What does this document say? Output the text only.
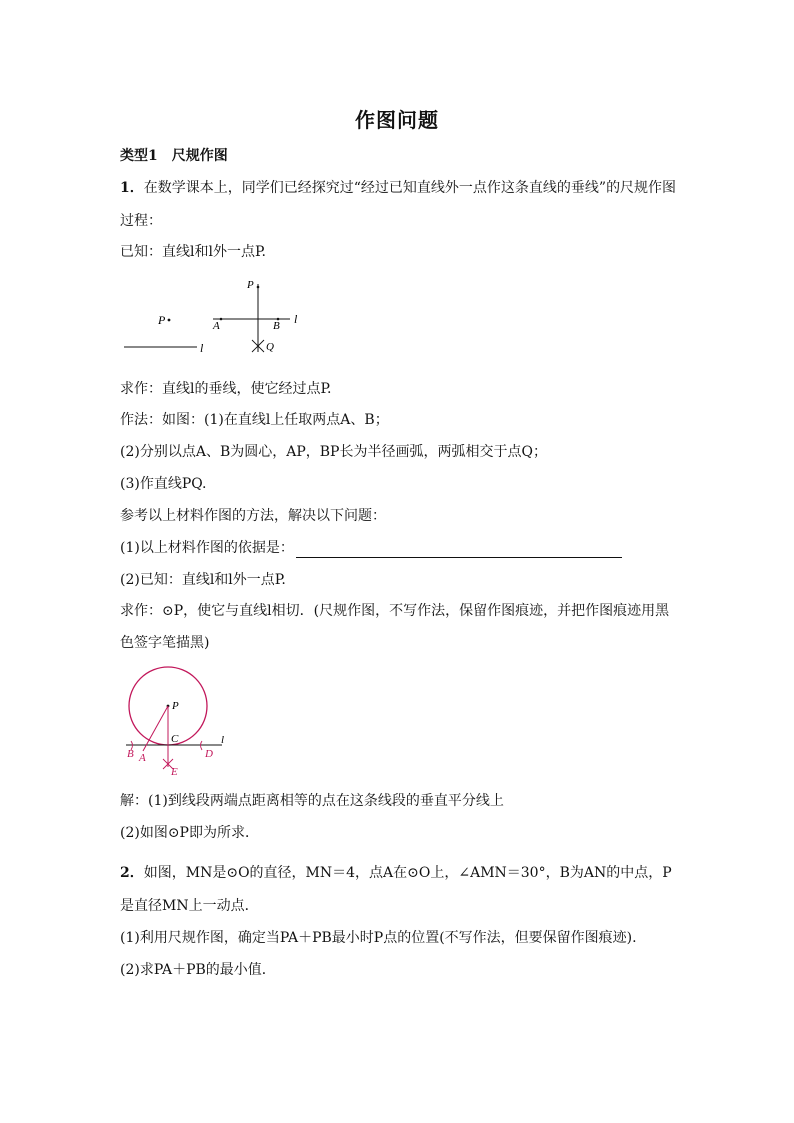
作图问题
类型1　尺规作图
1．在数学课本上，同学们已经探究过“经过已知直线外一点作这条直线的垂线”的尺规作图
过程：
已知：直线l和l外一点P.
P
l
P
A	B l
Q
求作：直线l的垂线，使它经过点P.
作法：如图：(1)在直线l上任取两点A、B；
(2)分别以点A、B为圆心，AP，BP长为半径画弧，两弧相交于点Q；
(3)作直线PQ.
参考以上材料作图的方法，解决以下问题：
(1)以上材料作图的依据是：
(2)已知：直线l和l外一点P.
求作：⊙P，使它与直线l相切．(尺规作图，不写作法，保留作图痕迹，并把作图痕迹用黑
色签字笔描黑)
l
P
B A
C
D
E
解：(1)到线段两端点距离相等的点在这条线段的垂直平分线上
(2)如图⊙P即为所求．
2．如图，MN是⊙O的直径，MN＝4，点A在⊙O上，∠AMN＝30°，B为AN的中点，P
是直径MN上一动点．
(1)利用尺规作图，确定当PA＋PB最小时P点的位置(不写作法，但要保留作图痕迹).
(2)求PA＋PB的最小值．
